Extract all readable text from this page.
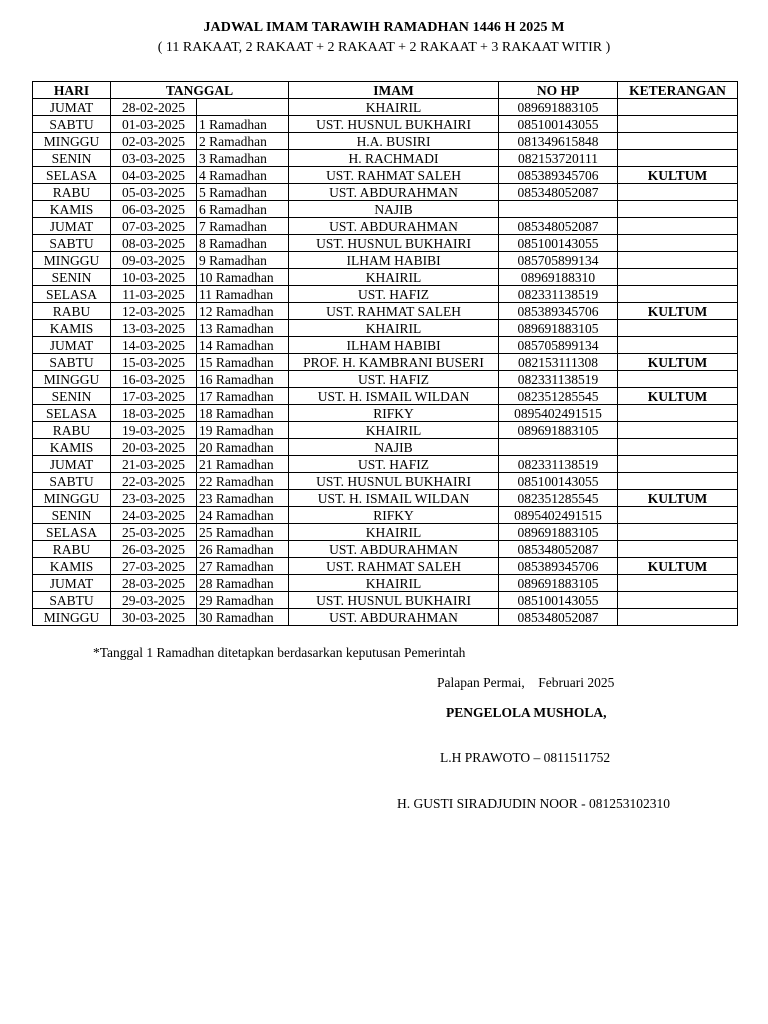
JADWAL IMAM TARAWIH RAMADHAN 1446 H 2025 M
( 11 RAKAAT, 2 RAKAAT + 2 RAKAAT + 2 RAKAAT + 3 RAKAAT WITIR )
HARI	TANGGAL		IMAM	NO HP	KETERANGAN
JUMAT	28-02-2025		KHAIRIL	089691883105	
SABTU	01-03-2025	1 Ramadhan	UST. HUSNUL BUKHAIRI	085100143055	
MINGGU	02-03-2025	2 Ramadhan	H.A. BUSIRI	081349615848	
SENIN	03-03-2025	3 Ramadhan	H. RACHMADI	082153720111	
SELASA	04-03-2025	4 Ramadhan	UST. RAHMAT SALEH	085389345706	KULTUM
RABU	05-03-2025	5 Ramadhan	UST. ABDURAHMAN	085348052087	
KAMIS	06-03-2025	6 Ramadhan	NAJIB		
JUMAT	07-03-2025	7 Ramadhan	UST. ABDURAHMAN	085348052087	
SABTU	08-03-2025	8 Ramadhan	UST. HUSNUL BUKHAIRI	085100143055	
MINGGU	09-03-2025	9 Ramadhan	ILHAM HABIBI	085705899134	
SENIN	10-03-2025	10 Ramadhan	KHAIRIL	08969188310	
SELASA	11-03-2025	11 Ramadhan	UST. HAFIZ	082331138519	
RABU	12-03-2025	12 Ramadhan	UST. RAHMAT SALEH	085389345706	KULTUM
KAMIS	13-03-2025	13 Ramadhan	KHAIRIL	089691883105	
JUMAT	14-03-2025	14 Ramadhan	ILHAM HABIBI	085705899134	
SABTU	15-03-2025	15 Ramadhan	PROF. H. KAMBRANI BUSERI	082153111308	KULTUM
MINGGU	16-03-2025	16 Ramadhan	UST. HAFIZ	082331138519	
SENIN	17-03-2025	17 Ramadhan	UST. H. ISMAIL WILDAN	082351285545	KULTUM
SELASA	18-03-2025	18 Ramadhan	RIFKY	0895402491515	
RABU	19-03-2025	19 Ramadhan	KHAIRIL	089691883105	
KAMIS	20-03-2025	20 Ramadhan	NAJIB		
JUMAT	21-03-2025	21 Ramadhan	UST. HAFIZ	082331138519	
SABTU	22-03-2025	22 Ramadhan	UST. HUSNUL BUKHAIRI	085100143055	
MINGGU	23-03-2025	23 Ramadhan	UST. H. ISMAIL WILDAN	082351285545	KULTUM
SENIN	24-03-2025	24 Ramadhan	RIFKY	0895402491515	
SELASA	25-03-2025	25 Ramadhan	KHAIRIL	089691883105	
RABU	26-03-2025	26 Ramadhan	UST. ABDURAHMAN	085348052087	
KAMIS	27-03-2025	27 Ramadhan	UST. RAHMAT SALEH	085389345706	KULTUM
JUMAT	28-03-2025	28 Ramadhan	KHAIRIL	089691883105	
SABTU	29-03-2025	29 Ramadhan	UST. HUSNUL BUKHAIRI	085100143055	
MINGGU	30-03-2025	30 Ramadhan	UST. ABDURAHMAN	085348052087	
*Tanggal 1 Ramadhan ditetapkan berdasarkan keputusan Pemerintah
Palapan Permai,    Februari 2025
PENGELOLA MUSHOLA,
L.H PRAWOTO – 0811511752
H. GUSTI SIRADJUDIN NOOR - 081253102310
